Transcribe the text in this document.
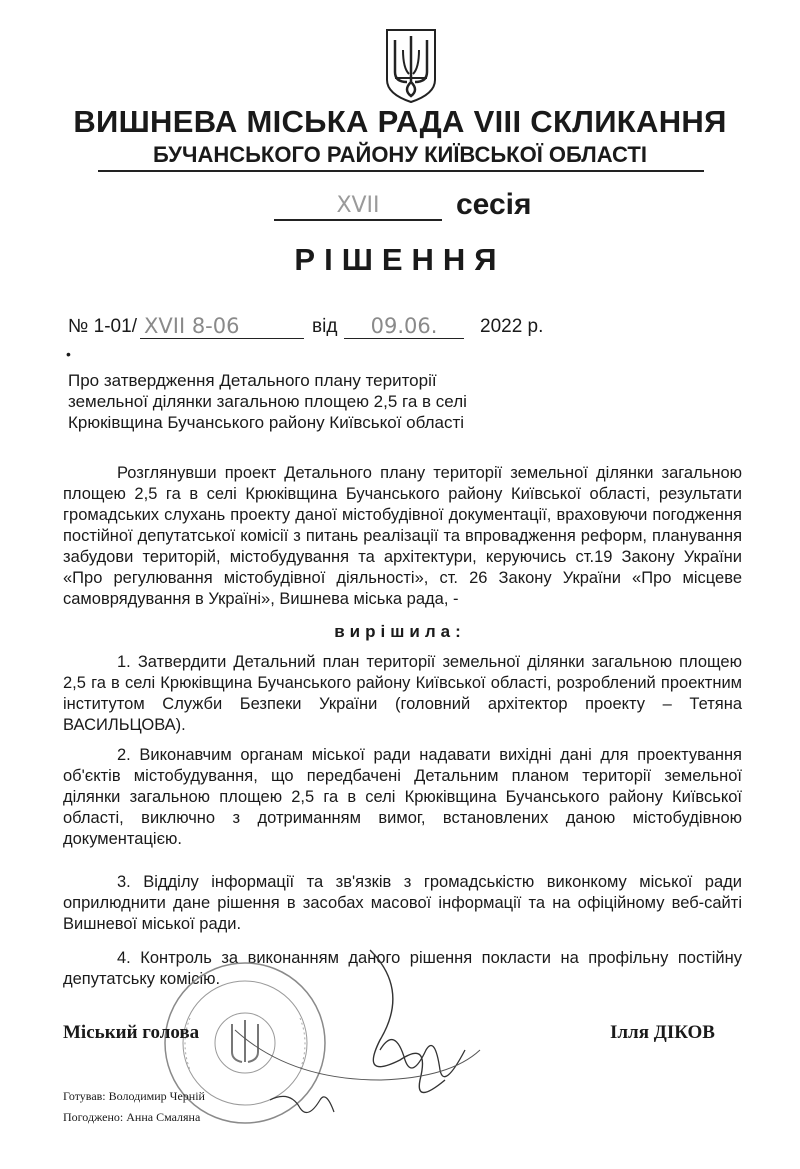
ВИШНЕВА МІСЬКА РАДА VIII СКЛИКАННЯ
БУЧАНСЬКОГО РАЙОНУ КИЇВСЬКОЇ ОБЛАСТІ
XVII	сесія
РІШЕННЯ
№ 1-01/ XVII 8-06	від	09.06.	2022 р.
•
Про затвердження Детального плану території
земельної ділянки загальною площею 2,5 га в селі
Крюківщина Бучанського району Київської області

Розглянувши проект Детального плану території земельної ділянки загальною площею 2,5 га в селі Крюківщина Бучанського району Київської області, результати громадських слухань проекту даної містобудівної документації, враховуючи погодження постійної депутатської комісії з питань реалізації та впровадження реформ, планування забудови територій, містобудування та архітектури, керуючись ст.19 Закону України «Про регулювання містобудівної діяльності», ст. 26 Закону України «Про місцеве самоврядування в Україні», Вишнева міська рада, -

вирішила:

1. Затвердити Детальний план території земельної ділянки загальною площею 2,5 га в селі Крюківщина Бучанського району Київської області, розроблений проектним інститутом Служби Безпеки України (головний архітектор проекту – Тетяна ВАСИЛЬЦОВА).

2. Виконавчим органам міської ради надавати вихідні дані для проектування об'єктів містобудування, що передбачені Детальним планом території земельної ділянки загальною площею 2,5 га в селі Крюківщина Бучанського району Київської області, виключно з дотриманням вимог, встановлених даною містобудівною документацією.

3. Відділу інформації та зв'язків з громадськістю виконкому міської ради оприлюднити дане рішення в засобах масової інформації та на офіційному веб-сайті Вишневої міської ради.

4. Контроль за виконанням даного рішення покласти на профільну постійну депутатську комісію.

Міський голова	Ілля ДІКОВ
Готував: Володимир Черній
Погоджено: Анна Смалянa
